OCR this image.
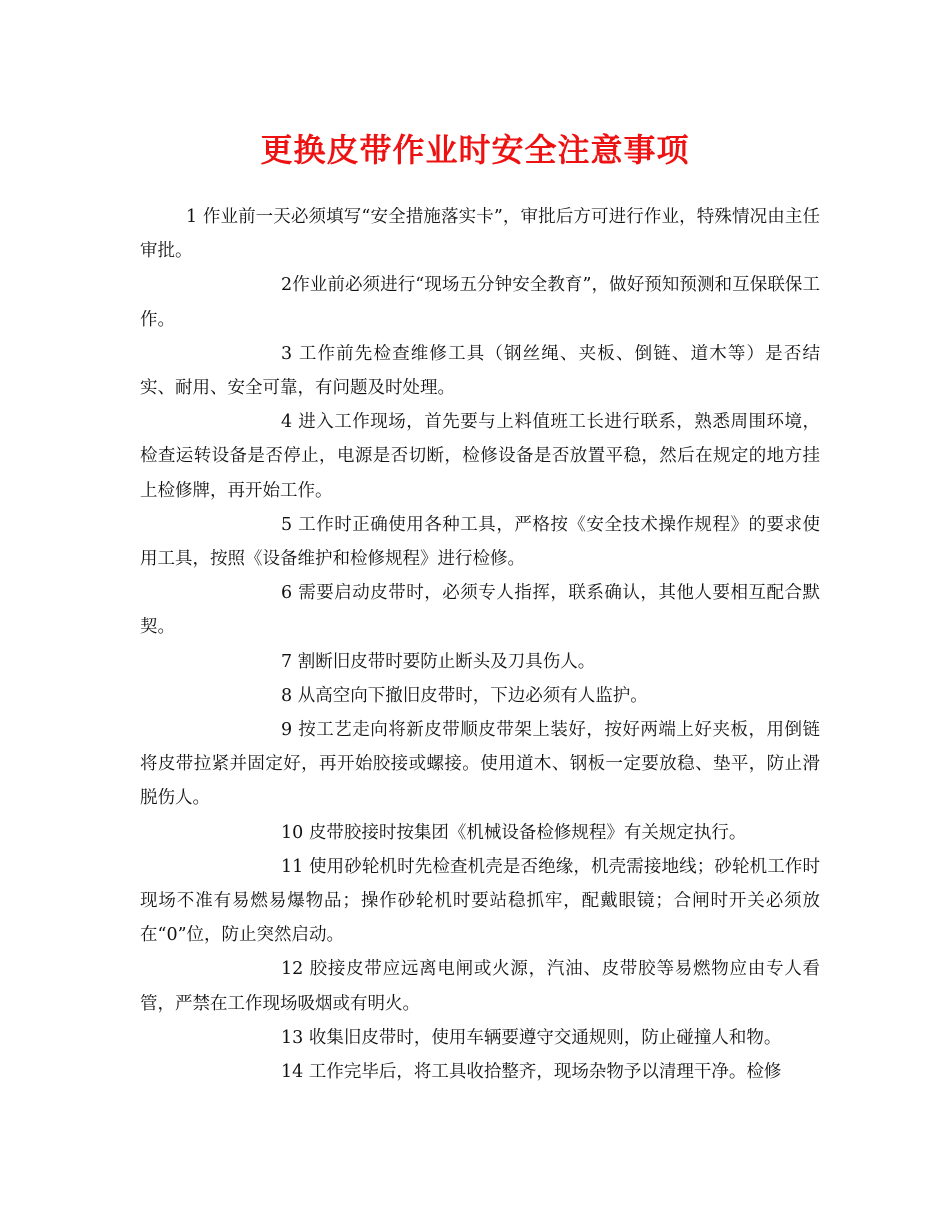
更换皮带作业时安全注意事项

1 作业前一天必须填写“安全措施落实卡”，审批后方可进行作业，特殊情况由主任审批。

2作业前必须进行“现场五分钟安全教育”，做好预知预测和互保联保工作。

3 工作前先检查维修工具（钢丝绳、夹板、倒链、道木等）是否结实、耐用、安全可靠，有问题及时处理。

4 进入工作现场，首先要与上料值班工长进行联系，熟悉周围环境，检查运转设备是否停止，电源是否切断，检修设备是否放置平稳，然后在规定的地方挂上检修牌，再开始工作。

5 工作时正确使用各种工具，严格按《安全技术操作规程》的要求使用工具，按照《设备维护和检修规程》进行检修。

6 需要启动皮带时，必须专人指挥，联系确认，其他人要相互配合默契。

7 割断旧皮带时要防止断头及刀具伤人。

8 从高空向下撤旧皮带时，下边必须有人监护。

9 按工艺走向将新皮带顺皮带架上装好，按好两端上好夹板，用倒链将皮带拉紧并固定好，再开始胶接或螺接。使用道木、钢板一定要放稳、垫平，防止滑脱伤人。

10 皮带胶接时按集团《机械设备检修规程》有关规定执行。

11 使用砂轮机时先检查机壳是否绝缘，机壳需接地线；砂轮机工作时现场不准有易燃易爆物品；操作砂轮机时要站稳抓牢，配戴眼镜；合闸时开关必须放在“0”位，防止突然启动。

12 胶接皮带应远离电闸或火源，汽油、皮带胶等易燃物应由专人看管，严禁在工作现场吸烟或有明火。

13 收集旧皮带时，使用车辆要遵守交通规则，防止碰撞人和物。

14 工作完毕后，将工具收拾整齐，现场杂物予以清理干净。检修
